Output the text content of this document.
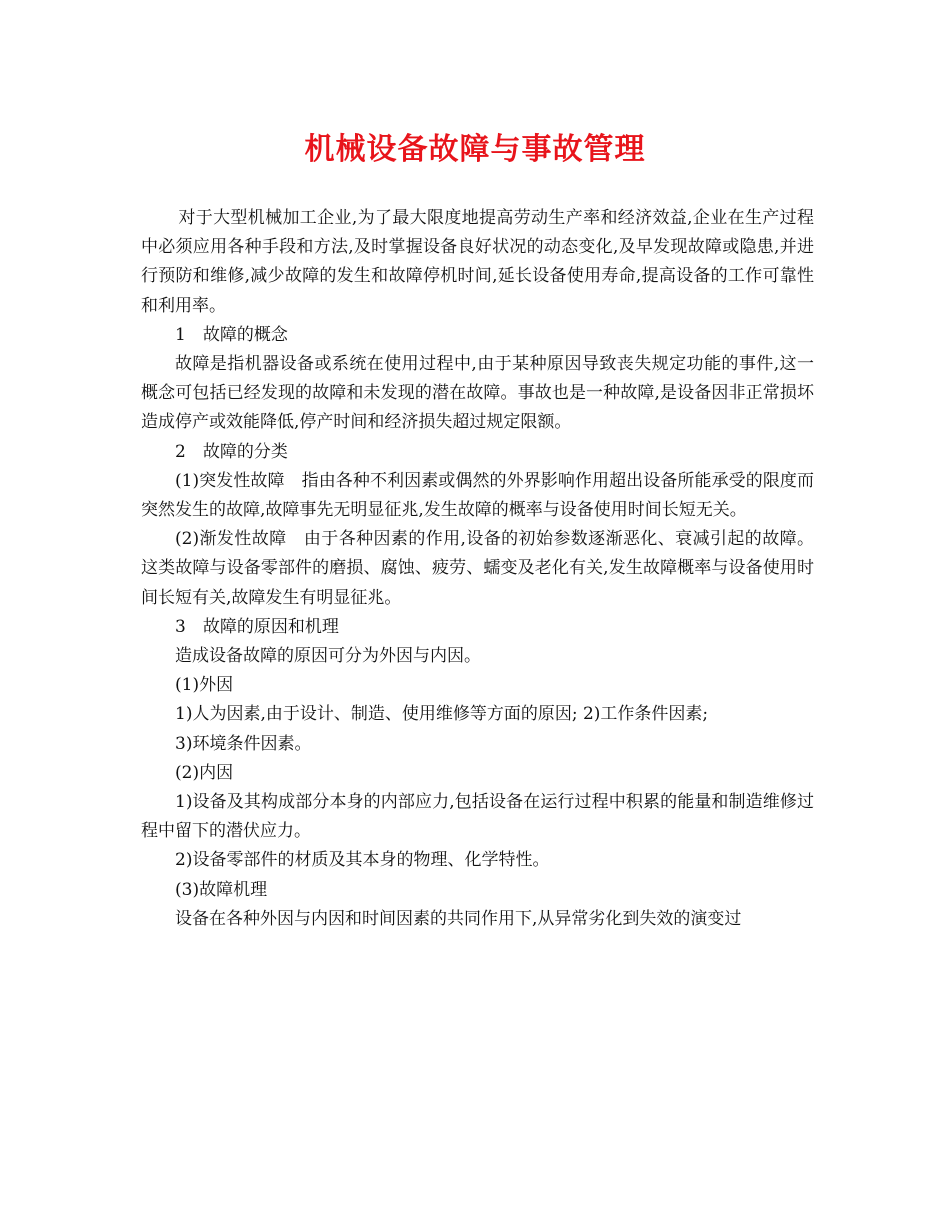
机械设备故障与事故管理

对于大型机械加工企业,为了最大限度地提高劳动生产率和经济效益,企业在生产过程中必须应用各种手段和方法,及时掌握设备良好状况的动态变化,及早发现故障或隐患,并进行预防和维修,减少故障的发生和故障停机时间,延长设备使用寿命,提高设备的工作可靠性和利用率。

1　故障的概念

故障是指机器设备或系统在使用过程中,由于某种原因导致丧失规定功能的事件,这一概念可包括已经发现的故障和未发现的潜在故障。事故也是一种故障,是设备因非正常损坏造成停产或效能降低,停产时间和经济损失超过规定限额。

2　故障的分类

(1)突发性故障　指由各种不利因素或偶然的外界影响作用超出设备所能承受的限度而突然发生的故障,故障事先无明显征兆,发生故障的概率与设备使用时间长短无关。

(2)渐发性故障　由于各种因素的作用,设备的初始参数逐渐恶化、衰减引起的故障。这类故障与设备零部件的磨损、腐蚀、疲劳、蠕变及老化有关,发生故障概率与设备使用时间长短有关,故障发生有明显征兆。

3　故障的原因和机理

造成设备故障的原因可分为外因与内因。

(1)外因

1)人为因素,由于设计、制造、使用维修等方面的原因; 2)工作条件因素;

3)环境条件因素。

(2)内因

1)设备及其构成部分本身的内部应力,包括设备在运行过程中积累的能量和制造维修过程中留下的潜伏应力。

2)设备零部件的材质及其本身的物理、化学特性。

(3)故障机理

设备在各种外因与内因和时间因素的共同作用下,从异常劣化到失效的演变过
